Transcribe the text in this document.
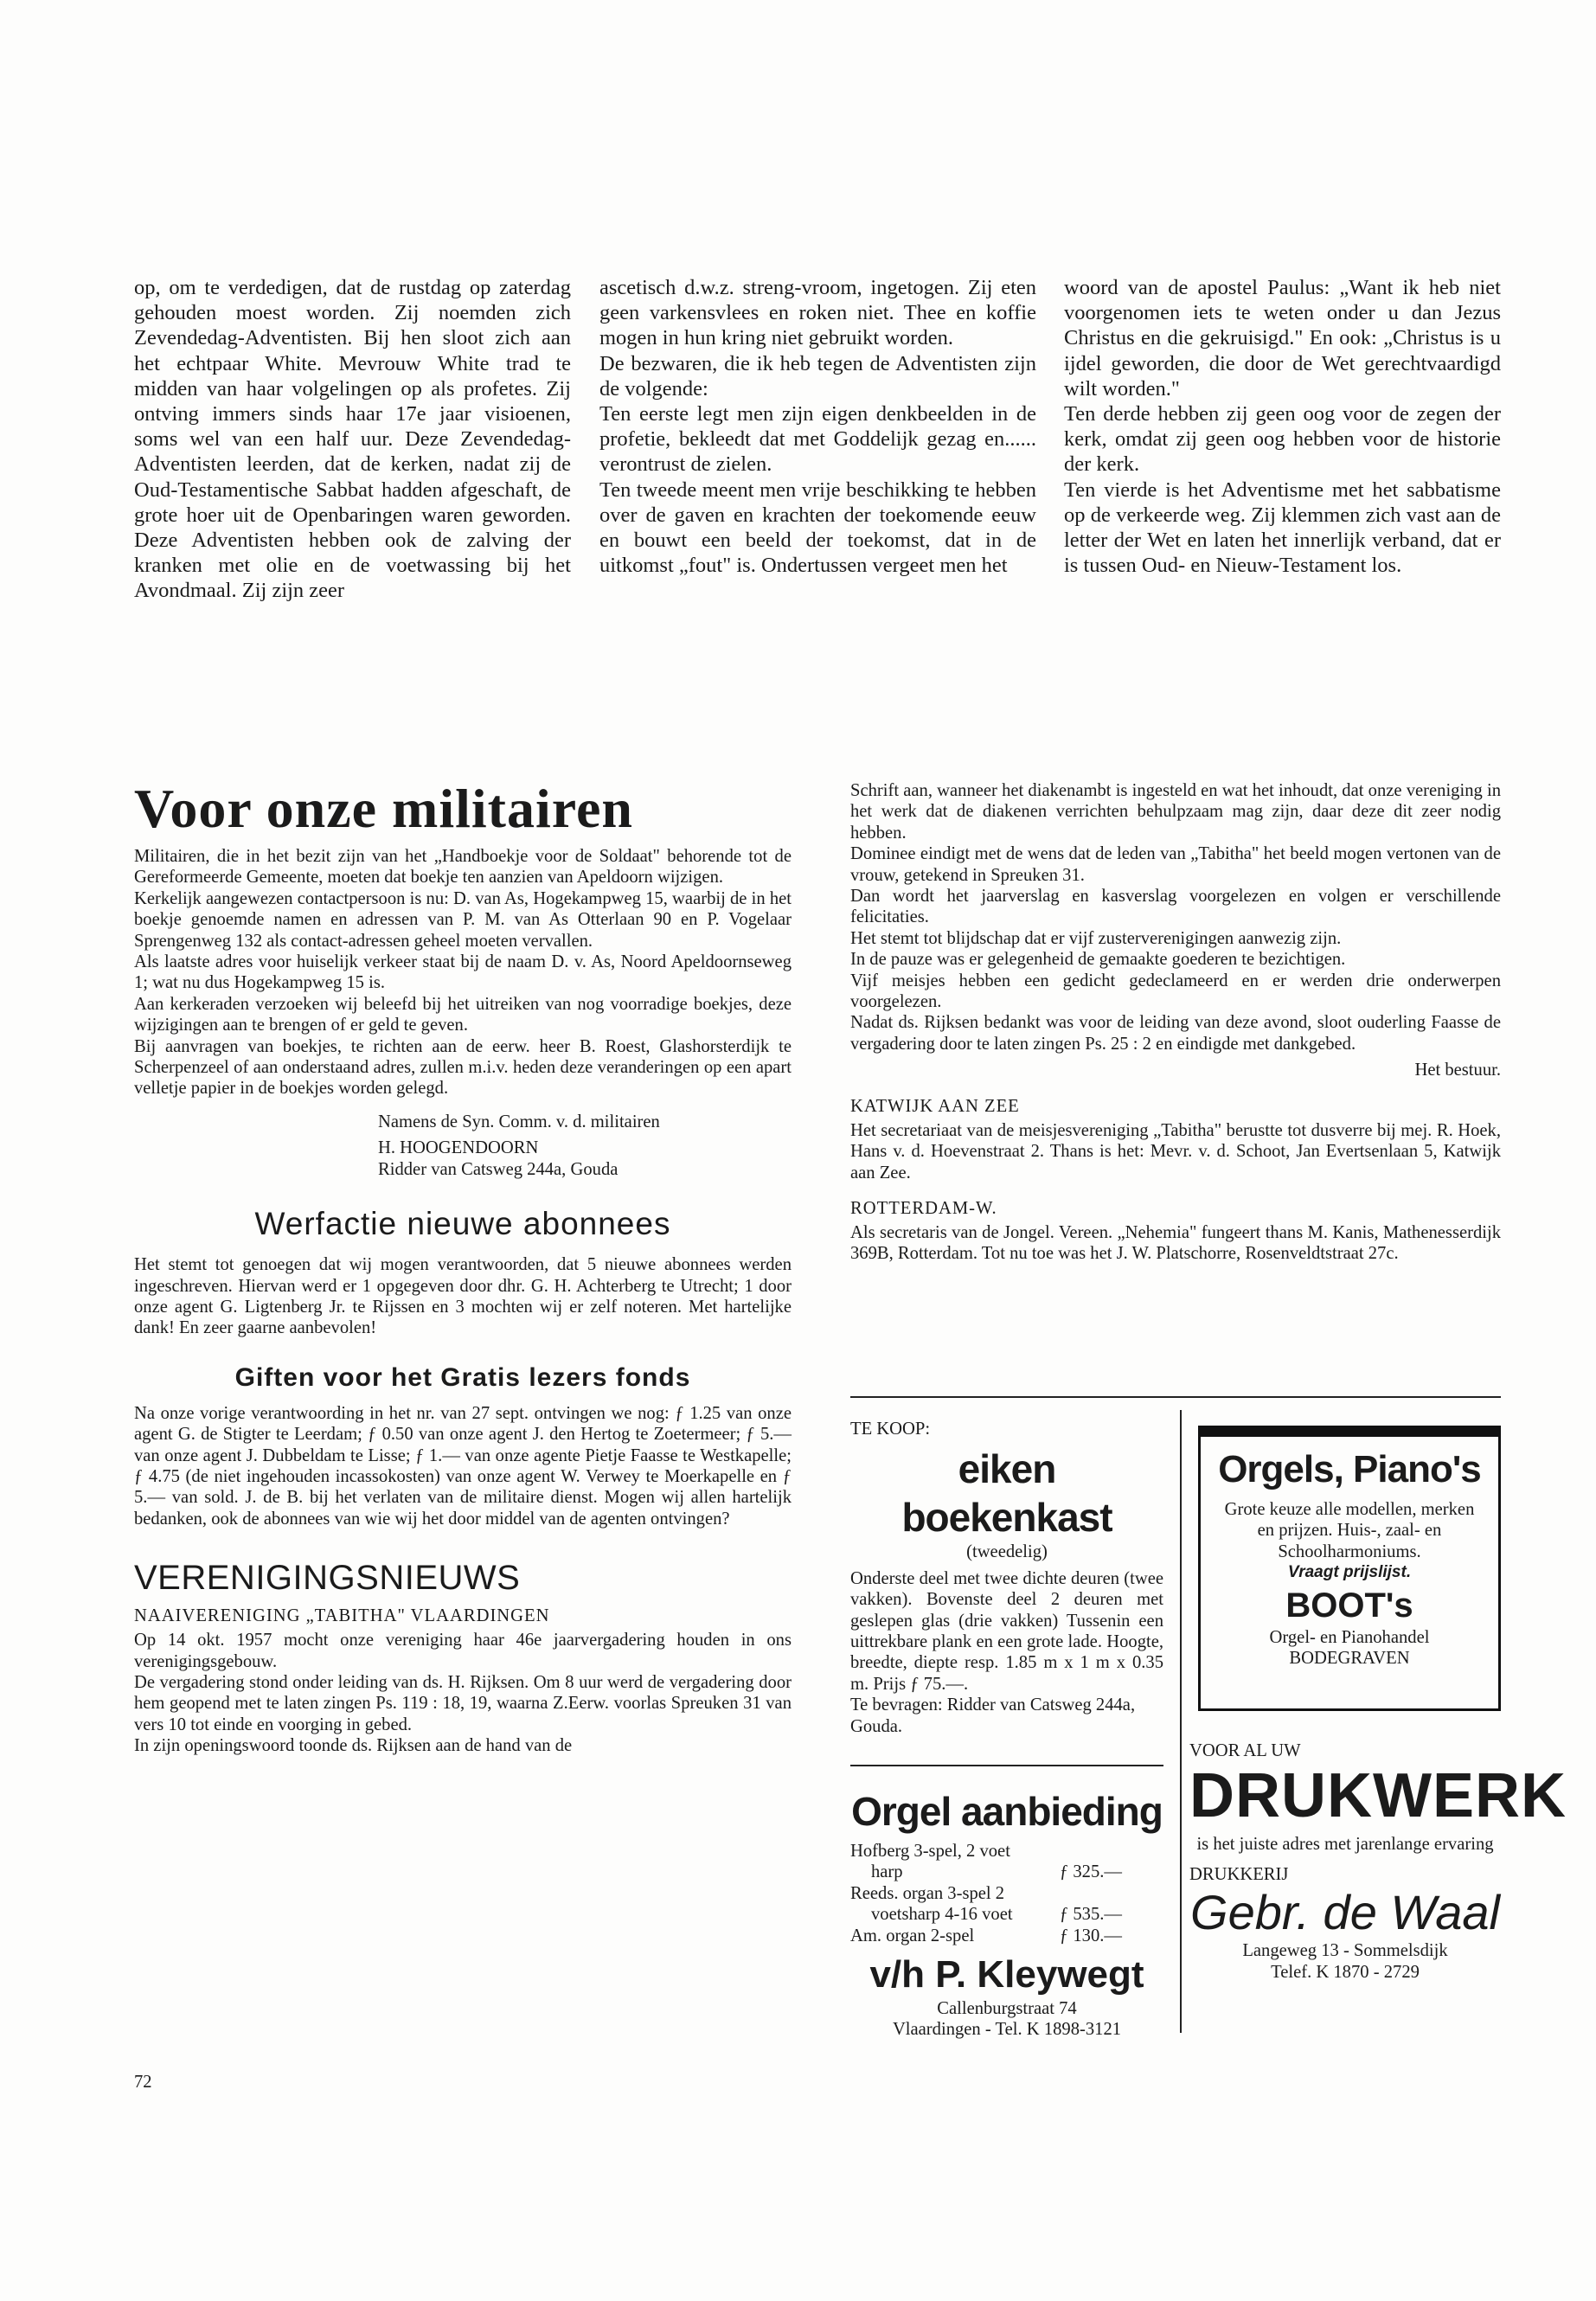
op, om te verdedigen, dat de rustdag op zaterdag gehouden moest worden. Zij noemden zich Zevendedag-Adventisten. Bij hen sloot zich aan het echtpaar White. Mevrouw White trad te midden van haar volgelingen op als profetes. Zij ontving immers sinds haar 17e jaar visioenen, soms wel van een half uur. Deze Zevendedag-Adventisten leerden, dat de kerken, nadat zij de Oud-Testamentische Sabbat hadden afgeschaft, de grote hoer uit de Openbaringen waren geworden. Deze Adventisten hebben ook de zalving der kranken met olie en de voetwassing bij het Avondmaal. Zij zijn zeer

ascetisch d.w.z. streng-vroom, ingetogen. Zij eten geen varkensvlees en roken niet. Thee en koffie mogen in hun kring niet gebruikt worden.

De bezwaren, die ik heb tegen de Adventisten zijn de volgende:

Ten eerste legt men zijn eigen denkbeelden in de profetie, bekleedt dat met Goddelijk gezag en...... verontrust de zielen.

Ten tweede meent men vrije beschikking te hebben over de gaven en krachten der toekomende eeuw en bouwt een beeld der toekomst, dat in de uitkomst „fout" is. Ondertussen vergeet men het

woord van de apostel Paulus: „Want ik heb niet voorgenomen iets te weten onder u dan Jezus Christus en die gekruisigd." En ook: „Christus is u ijdel geworden, die door de Wet gerechtvaardigd wilt worden."

Ten derde hebben zij geen oog voor de zegen der kerk, omdat zij geen oog hebben voor de historie der kerk.

Ten vierde is het Adventisme met het sabbatisme op de verkeerde weg. Zij klemmen zich vast aan de letter der Wet en laten het innerlijk verband, dat er is tussen Oud- en Nieuw-Testament los.

Voor onze militairen

Militairen, die in het bezit zijn van het „Handboekje voor de Soldaat" behorende tot de Gereformeerde Gemeente, moeten dat boekje ten aanzien van Apeldoorn wijzigen.

Kerkelijk aangewezen contactpersoon is nu: D. van As, Hogekampweg 15, waarbij de in het boekje genoemde namen en adressen van P. M. van As Otterlaan 90 en P. Vogelaar Sprengenweg 132 als contact-adressen geheel moeten vervallen.

Als laatste adres voor huiselijk verkeer staat bij de naam D. v. As, Noord Apeldoornseweg 1; wat nu dus Hogekampweg 15 is.

Aan kerkeraden verzoeken wij beleefd bij het uitreiken van nog voorradige boekjes, deze wijzigingen aan te brengen of er geld te geven.

Bij aanvragen van boekjes, te richten aan de eerw. heer B. Roest, Glashorsterdijk te Scherpenzeel of aan onderstaand adres, zullen m.i.v. heden deze veranderingen op een apart velletje papier in de boekjes worden gelegd.

Namens de Syn. Comm. v. d. militairen
H. HOOGENDOORN
Ridder van Catsweg 244a, Gouda
Werfactie nieuwe abonnees
Het stemt tot genoegen dat wij mogen verantwoorden, dat 5 nieuwe abonnees werden ingeschreven. Hiervan werd er 1 opgegeven door dhr. G. H. Achterberg te Utrecht; 1 door onze agent G. Ligtenberg Jr. te Rijssen en 3 mochten wij er zelf noteren. Met hartelijke dank! En zeer gaarne aanbevolen!
Giften voor het Gratis lezers fonds
Na onze vorige verantwoording in het nr. van 27 sept. ontvingen we nog: ƒ 1.25 van onze agent G. de Stigter te Leerdam; ƒ 0.50 van onze agent J. den Hertog te Zoetermeer; ƒ 5.— van onze agent J. Dubbeldam te Lisse; ƒ 1.— van onze agente Pietje Faasse te Westkapelle; ƒ 4.75 (de niet ingehouden incassokosten) van onze agent W. Verwey te Moerkapelle en ƒ 5.— van sold. J. de B. bij het verlaten van de militaire dienst. Mogen wij allen hartelijk bedanken, ook de abonnees van wie wij het door middel van de agenten ontvingen?
VERENIGINGSNIEUWS
NAAIVERENIGING „TABITHA" VLAARDINGEN

Op 14 okt. 1957 mocht onze vereniging haar 46e jaarvergadering houden in ons verenigingsgebouw.

De vergadering stond onder leiding van ds. H. Rijksen. Om 8 uur werd de vergadering door hem geopend met te laten zingen Ps. 119 : 18, 19, waarna Z.Eerw. voorlas Spreuken 31 van vers 10 tot einde en voorging in gebed.

In zijn openingswoord toonde ds. Rijksen aan de hand van de

Schrift aan, wanneer het diakenambt is ingesteld en wat het inhoudt, dat onze vereniging in het werk dat de diakenen verrichten behulpzaam mag zijn, daar deze dit zeer nodig hebben.

Dominee eindigt met de wens dat de leden van „Tabitha" het beeld mogen vertonen van de vrouw, getekend in Spreuken 31.

Dan wordt het jaarverslag en kasverslag voorgelezen en volgen er verschillende felicitaties.

Het stemt tot blijdschap dat er vijf zusterverenigingen aanwezig zijn.

In de pauze was er gelegenheid de gemaakte goederen te bezichtigen.

Vijf meisjes hebben een gedicht gedeclameerd en er werden drie onderwerpen voorgelezen.

Nadat ds. Rijksen bedankt was voor de leiding van deze avond, sloot ouderling Faasse de vergadering door te laten zingen Ps. 25 : 2 en eindigde met dankgebed.

Het bestuur.
KATWIJK AAN ZEE
Het secretariaat van de meisjesvereniging „Tabitha" berustte tot dusverre bij mej. R. Hoek, Hans v. d. Hoevenstraat 2. Thans is het: Mevr. v. d. Schoot, Jan Evertsenlaan 5, Katwijk aan Zee.
ROTTERDAM-W.
Als secretaris van de Jongel. Vereen. „Nehemia" fungeert thans M. Kanis, Mathenesserdijk 369B, Rotterdam. Tot nu toe was het J. W. Platschorre, Rosenveldtstraat 27c.
TE KOOP:
eiken boekenkast
(tweedelig)
Onderste deel met twee dichte deuren (twee vakken). Bovenste deel 2 deuren met geslepen glas (drie vakken) Tussenin een uittrekbare plank en een grote lade. Hoogte, breedte, diepte resp. 1.85 m x 1 m x 0.35 m. Prijs ƒ 75.—.
Te bevragen: Ridder van Catsweg 244a, Gouda.
Orgel aanbieding
Hofberg 3-spel, 2 voet
harp	ƒ 325.—
Reeds. organ 3-spel 2
voetsharp 4-16 voet	ƒ 535.—
Am. organ 2-spel	ƒ 130.—
v/h P. Kleywegt
Callenburgstraat 74
Vlaardingen - Tel. K 1898-3121
Orgels, Piano's
Grote keuze alle modellen, merken en prijzen. Huis-, zaal- en Schoolharmoniums.
Vraagt prijslijst.
BOOT's
Orgel- en Pianohandel
BODEGRAVEN
VOOR AL UW
DRUKWERK
is het juiste adres met jarenlange ervaring
DRUKKERIJ
Gebr. de Waal
Langeweg 13 - Sommelsdijk
Telef. K 1870 - 2729
72
